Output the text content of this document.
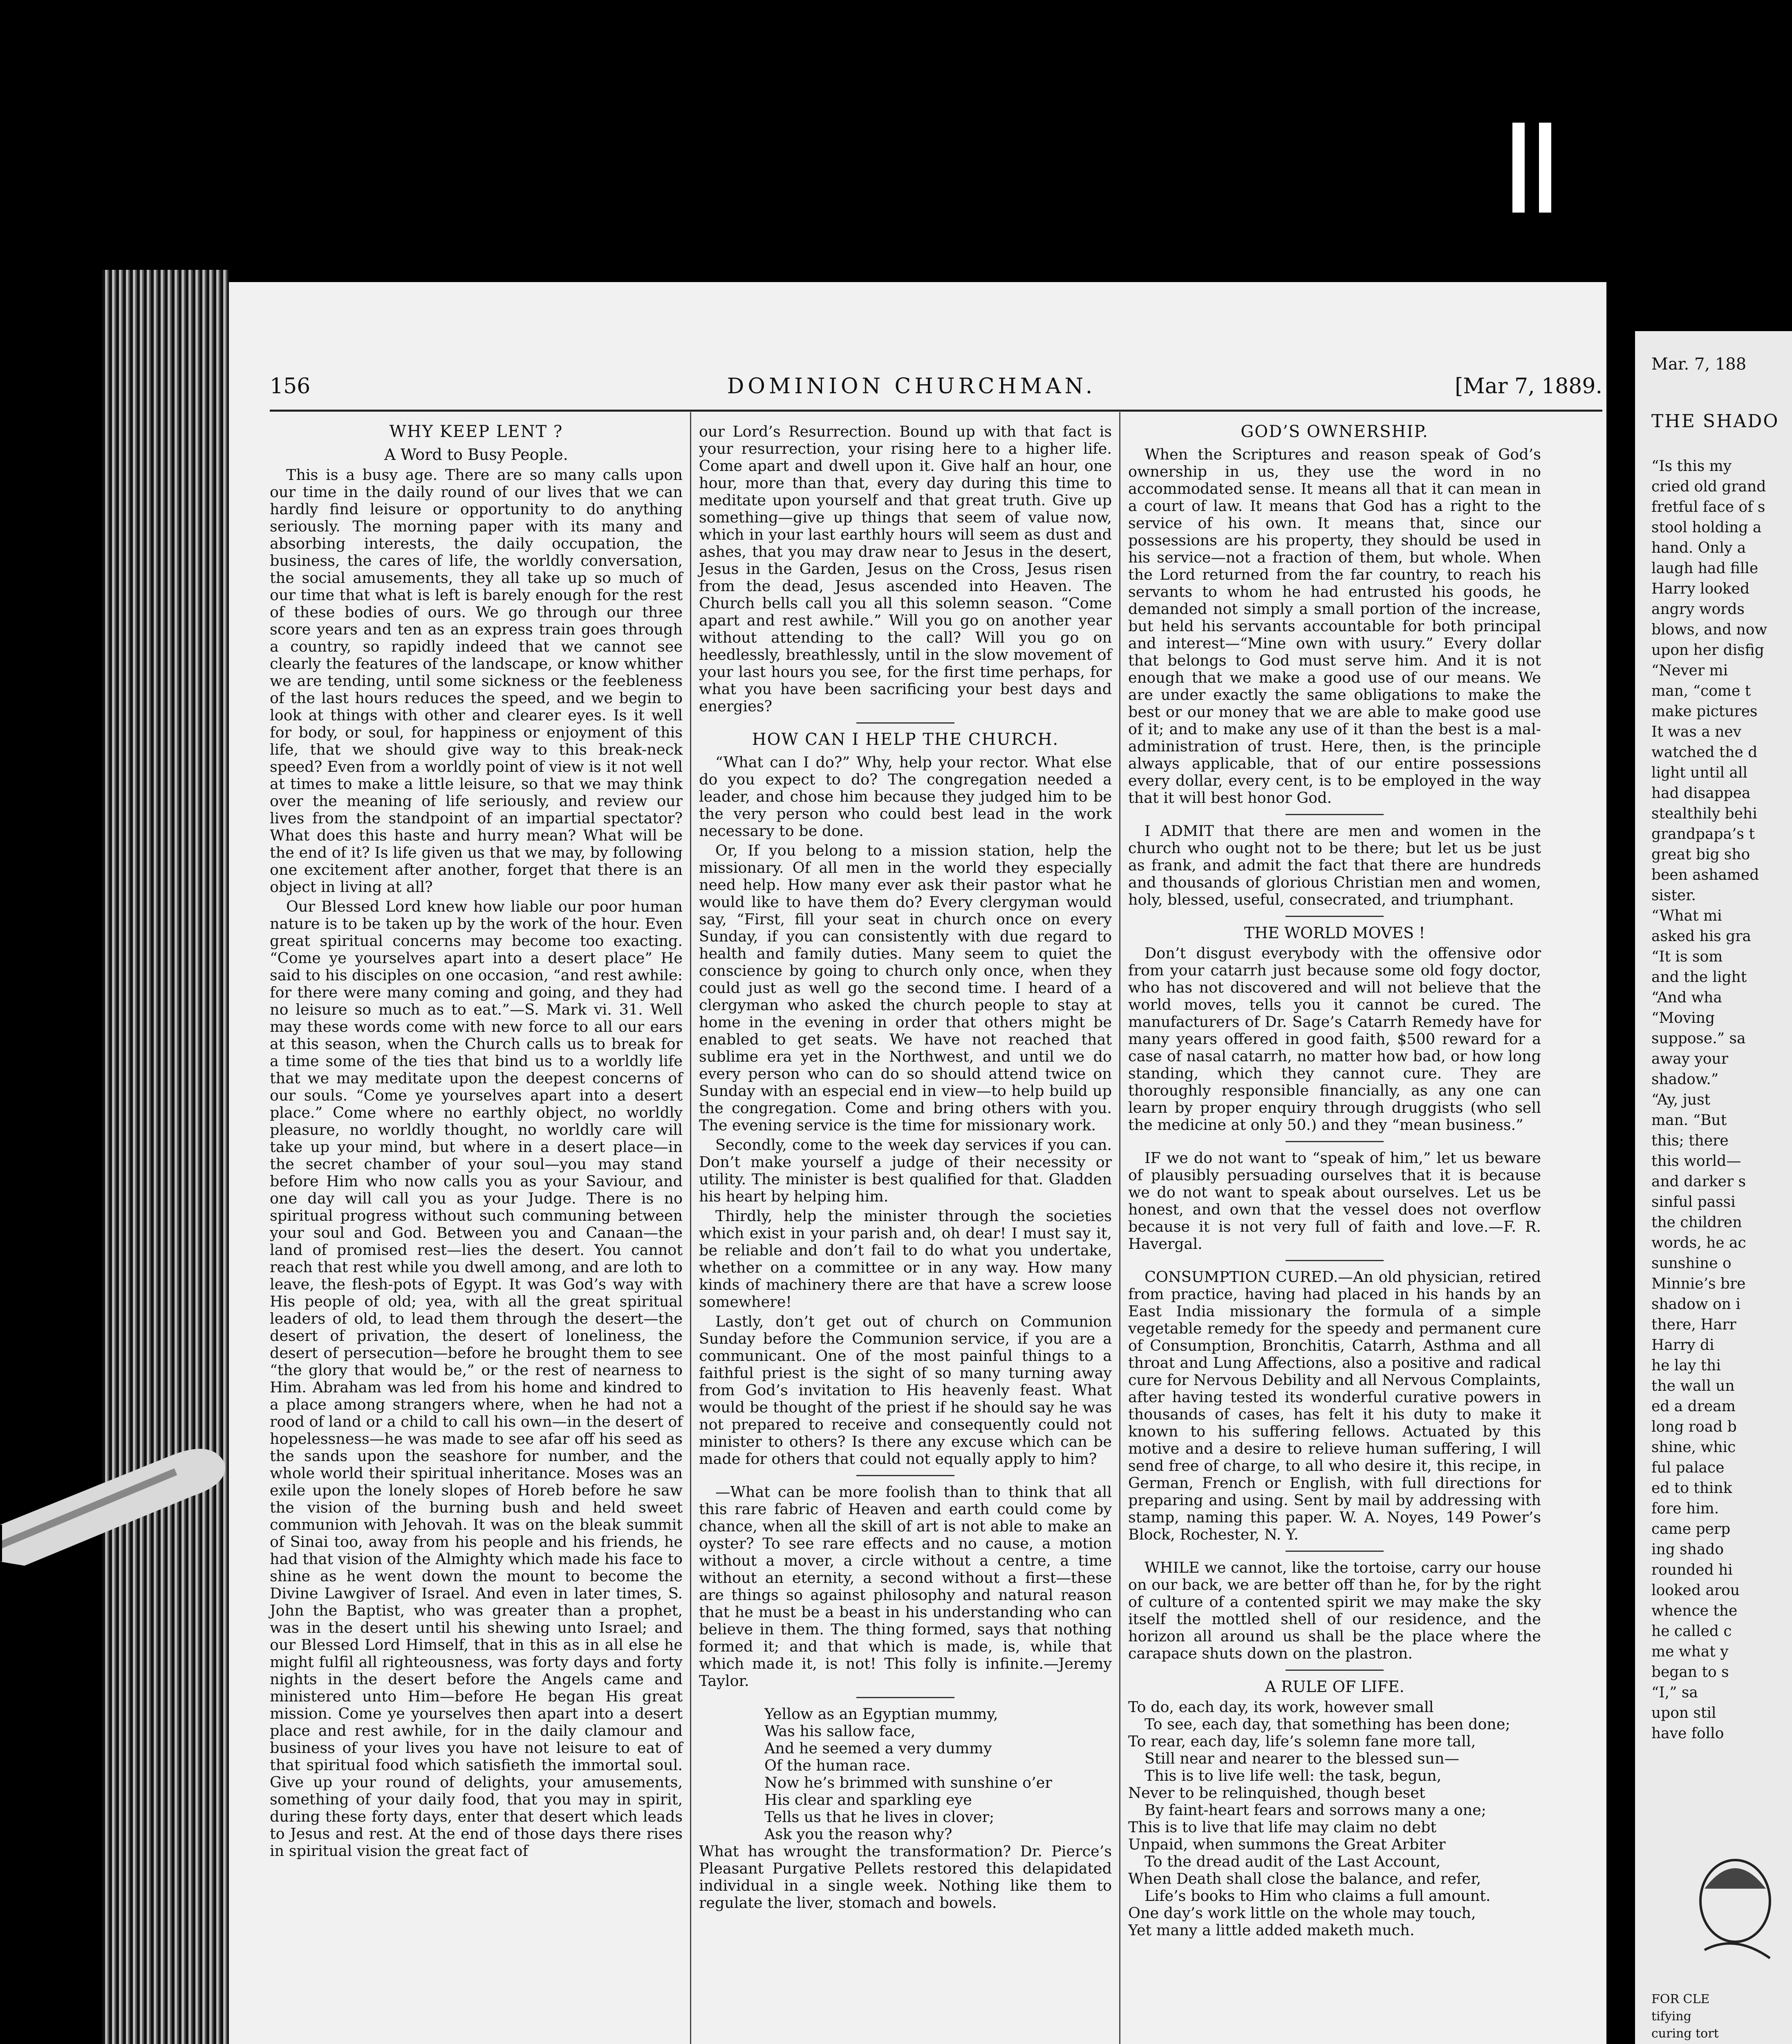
156	DOMINION CHURCHMAN.	[Mar 7, 1889.
WHY KEEP LENT ?
A Word to Busy People.

This is a busy age. There are so many calls upon our time in the daily round of our lives that we can hardly find leisure or opportunity to do anything seriously. The morning paper with its many and absorbing interests, the daily occupation, the business, the cares of life, the worldly conversation, the social amusements, they all take up so much of our time that what is left is barely enough for the rest of these bodies of ours. We go through our three score years and ten as an express train goes through a country, so rapidly indeed that we cannot see clearly the features of the landscape, or know whither we are tending, until some sickness or the feebleness of the last hours reduces the speed, and we begin to look at things with other and clearer eyes. Is it well for body, or soul, for happiness or enjoyment of this life, that we should give way to this break-neck speed? Even from a worldly point of view is it not well at times to make a little leisure, so that we may think over the meaning of life seriously, and review our lives from the standpoint of an impartial spectator? What does this haste and hurry mean? What will be the end of it? Is life given us that we may, by following one excitement after another, forget that there is an object in living at all?

Our Blessed Lord knew how liable our poor human nature is to be taken up by the work of the hour. Even great spiritual concerns may become too exacting. “Come ye yourselves apart into a desert place” He said to his disciples on one occasion, “and rest awhile: for there were many coming and going, and they had no leisure so much as to eat.”—S. Mark vi. 31. Well may these words come with new force to all our ears at this season, when the Church calls us to break for a time some of the ties that bind us to a worldly life that we may meditate upon the deepest concerns of our souls. “Come ye yourselves apart into a desert place.” Come where no earthly object, no worldly pleasure, no worldly thought, no worldly care will take up your mind, but where in a desert place—in the secret chamber of your soul—you may stand before Him who now calls you as your Saviour, and one day will call you as your Judge. There is no spiritual progress without such communing between your soul and God. Between you and Canaan—the land of promised rest—lies the desert. You cannot reach that rest while you dwell among, and are loth to leave, the flesh-pots of Egypt. It was God’s way with His people of old; yea, with all the great spiritual leaders of old, to lead them through the desert—the desert of privation, the desert of loneliness, the desert of persecution—before he brought them to see “the glory that would be,” or the rest of nearness to Him. Abraham was led from his home and kindred to a place among strangers where, when he had not a rood of land or a child to call his own—in the desert of hopelessness—he was made to see afar off his seed as the sands upon the seashore for number, and the whole world their spiritual inheritance. Moses was an exile upon the lonely slopes of Horeb before he saw the vision of the burning bush and held sweet communion with Jehovah. It was on the bleak summit of Sinai too, away from his people and his friends, he had that vision of the Almighty which made his face to shine as he went down the mount to become the Divine Lawgiver of Israel. And even in later times, S. John the Baptist, who was greater than a prophet, was in the desert until his shewing unto Israel; and our Blessed Lord Himself, that in this as in all else he might fulfil all righteousness, was forty days and forty nights in the desert before the Angels came and ministered unto Him—before He began His great mission. Come ye yourselves then apart into a desert place and rest awhile, for in the daily clamour and business of your lives you have not leisure to eat of that spiritual food which satisfieth the immortal soul. Give up your round of delights, your amusements, something of your daily food, that you may in spirit, during these forty days, enter that desert which leads to Jesus and rest. At the end of those days there rises in spiritual vision the great fact of

our Lord’s Resurrection. Bound up with that fact is your resurrection, your rising here to a higher life. Come apart and dwell upon it. Give half an hour, one hour, more than that, every day during this time to meditate upon yourself and that great truth. Give up something—give up things that seem of value now, which in your last earthly hours will seem as dust and ashes, that you may draw near to Jesus in the desert, Jesus in the Garden, Jesus on the Cross, Jesus risen from the dead, Jesus ascended into Heaven. The Church bells call you all this solemn season. “Come apart and rest awhile.” Will you go on another year without attending to the call? Will you go on heedlessly, breathlessly, until in the slow movement of your last hours you see, for the first time perhaps, for what you have been sacrificing your best days and energies?

HOW CAN I HELP THE CHURCH.

“What can I do?” Why, help your rector. What else do you expect to do? The congregation needed a leader, and chose him because they judged him to be the very person who could best lead in the work necessary to be done.

Or, If you belong to a mission station, help the missionary. Of all men in the world they especially need help. How many ever ask their pastor what he would like to have them do? Every clergyman would say, “First, fill your seat in church once on every Sunday, if you can consistently with due regard to health and family duties. Many seem to quiet the conscience by going to church only once, when they could just as well go the second time. I heard of a clergyman who asked the church people to stay at home in the evening in order that others might be enabled to get seats. We have not reached that sublime era yet in the Northwest, and until we do every person who can do so should attend twice on Sunday with an especial end in view—to help build up the congregation. Come and bring others with you. The evening service is the time for missionary work.

Secondly, come to the week day services if you can. Don’t make yourself a judge of their necessity or utility. The minister is best qualified for that. Gladden his heart by helping him.

Thirdly, help the minister through the societies which exist in your parish and, oh dear! I must say it, be reliable and don’t fail to do what you undertake, whether on a committee or in any way. How many kinds of machinery there are that have a screw loose somewhere!

Lastly, don’t get out of church on Communion Sunday before the Communion service, if you are a communicant. One of the most painful things to a faithful priest is the sight of so many turning away from God’s invitation to His heavenly feast. What would be thought of the priest if he should say he was not prepared to receive and consequently could not minister to others? Is there any excuse which can be made for others that could not equally apply to him?

—What can be more foolish than to think that all this rare fabric of Heaven and earth could come by chance, when all the skill of art is not able to make an oyster? To see rare effects and no cause, a motion without a mover, a circle without a centre, a time without an eternity, a second without a first—these are things so against philosophy and natural reason that he must be a beast in his understanding who can believe in them. The thing formed, says that nothing formed it; and that which is made, is, while that which made it, is not! This folly is infinite.—Jeremy Taylor.

Yellow as an Egyptian mummy,
Was his sallow face,
And he seemed a very dummy
Of the human race.
Now he’s brimmed with sunshine o’er
His clear and sparkling eye
Tells us that he lives in clover;
Ask you the reason why?

What has wrought the transformation? Dr. Pierce’s Pleasant Purgative Pellets restored this delapidated individual in a single week. Nothing like them to regulate the liver, stomach and bowels.

GOD’S OWNERSHIP.

When the Scriptures and reason speak of God’s ownership in us, they use the word in no accommodated sense. It means all that it can mean in a court of law. It means that God has a right to the service of his own. It means that, since our possessions are his property, they should be used in his service—not a fraction of them, but whole. When the Lord returned from the far country, to reach his servants to whom he had entrusted his goods, he demanded not simply a small portion of the increase, but held his servants accountable for both principal and interest—“Mine own with usury.” Every dollar that belongs to God must serve him. And it is not enough that we make a good use of our means. We are under exactly the same obligations to make the best or our money that we are able to make good use of it; and to make any use of it than the best is a mal-administration of trust. Here, then, is the principle always applicable, that of our entire possessions every dollar, every cent, is to be employed in the way that it will best honor God.

I ADMIT that there are men and women in the church who ought not to be there; but let us be just as frank, and admit the fact that there are hundreds and thousands of glorious Christian men and women, holy, blessed, useful, consecrated, and triumphant.

THE WORLD MOVES !

Don’t disgust everybody with the offensive odor from your catarrh just because some old fogy doctor, who has not discovered and will not believe that the world moves, tells you it cannot be cured. The manufacturers of Dr. Sage’s Catarrh Remedy have for many years offered in good faith, $500 reward for a case of nasal catarrh, no matter how bad, or how long standing, which they cannot cure. They are thoroughly responsible financially, as any one can learn by proper enquiry through druggists (who sell the medicine at only 50.) and they “mean business.”

IF we do not want to “speak of him,” let us beware of plausibly persuading ourselves that it is because we do not want to speak about ourselves. Let us be honest, and own that the vessel does not overflow because it is not very full of faith and love.—F. R. Havergal.

CONSUMPTION CURED.—An old physician, retired from practice, having had placed in his hands by an East India missionary the formula of a simple vegetable remedy for the speedy and permanent cure of Consumption, Bronchitis, Catarrh, Asthma and all throat and Lung Affections, also a positive and radical cure for Nervous Debility and all Nervous Complaints, after having tested its wonderful curative powers in thousands of cases, has felt it his duty to make it known to his suffering fellows. Actuated by this motive and a desire to relieve human suffering, I will send free of charge, to all who desire it, this recipe, in German, French or English, with full directions for preparing and using. Sent by mail by addressing with stamp, naming this paper. W. A. Noyes, 149 Power’s Block, Rochester, N. Y.

WHILE we cannot, like the tortoise, carry our house on our back, we are better off than he, for by the right of culture of a contented spirit we may make the sky itself the mottled shell of our residence, and the horizon all around us shall be the place where the carapace shuts down on the plastron.

A RULE OF LIFE.
To do, each day, its work, however small
To see, each day, that something has been done;
To rear, each day, life’s solemn fane more tall,
Still near and nearer to the blessed sun—
This is to live life well: the task, begun,
Never to be relinquished, though beset
By faint-heart fears and sorrows many a one;
This is to live that life may claim no debt
Unpaid, when summons the Great Arbiter
To the dread audit of the Last Account,
When Death shall close the balance, and refer,
Life’s books to Him who claims a full amount.
One day’s work little on the whole may touch,
Yet many a little added maketh much.
Mar. 7, 188
THE SHADO
“Is this my
cried old grand
fretful face of s
stool holding a
hand. Only a
laugh had fille
Harry looked
angry words
blows, and now
upon her disfig
“Never mi
man, “come t
make pictures
It was a nev
watched the d
light until all
had disappea
stealthily behi
grandpapa’s t
great big sho
been ashamed
sister.
“What mi
asked his gra
“It is som
and the light
“And wha
“Moving
suppose.” sa
away your
shadow.”
“Ay, just
man. “But
this; there
this world—
and darker s
sinful passi
the children
words, he ac
sunshine o
Minnie’s bre
shadow on i
there, Harr
Harry di
he lay thi
the wall un
ed a dream
long road b
shine, whic
ful palace
ed to think
fore him.
came perp
ing shado
rounded hi
looked arou
whence the
he called c
me what y
began to s
“I,” sa
upon stil
have follo
FOR CLE
tifying
curing tort
